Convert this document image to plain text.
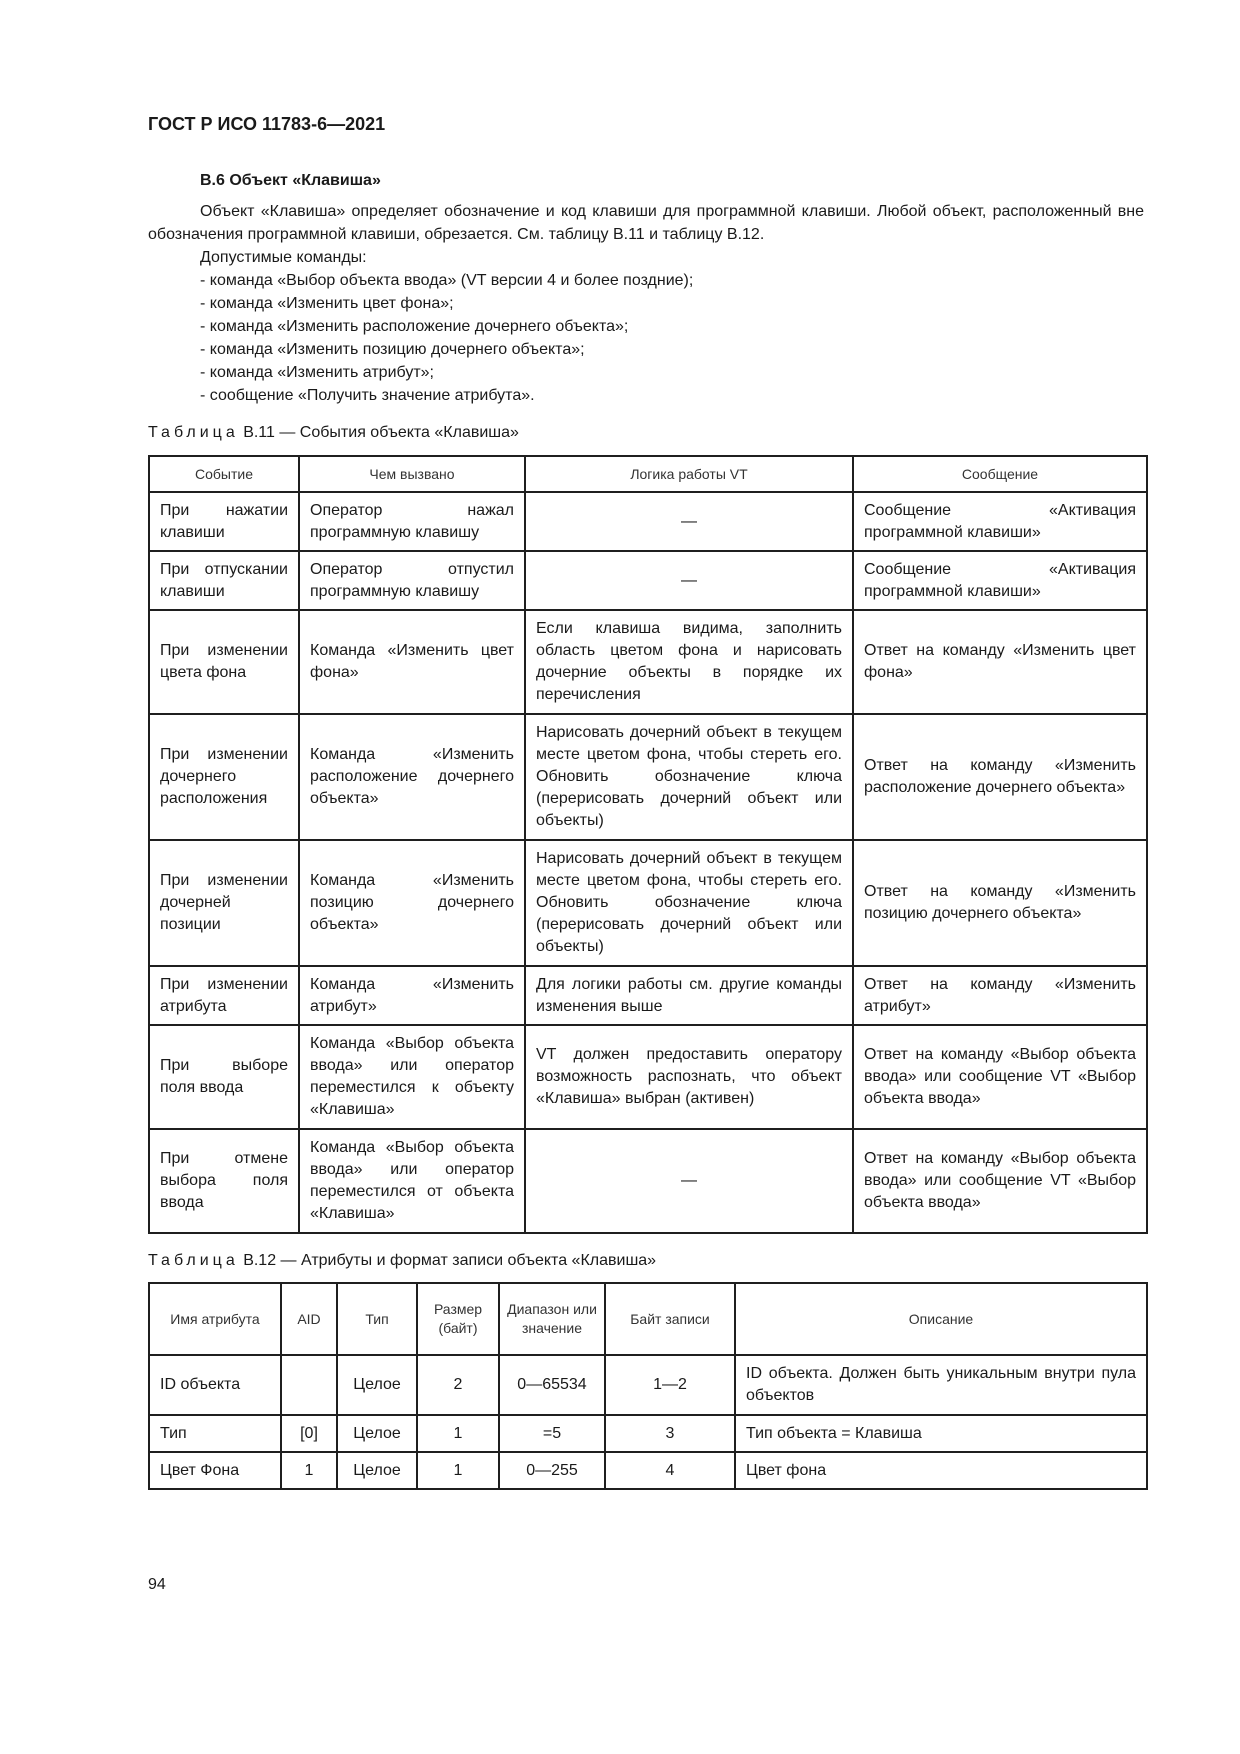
ГОСТ Р ИСО 11783-6—2021
В.6 Объект «Клавиша»

Объект «Клавиша» определяет обозначение и код клавиши для программной клавиши. Любой объект, расположенный вне обозначения программной клавиши, обрезается. См. таблицу В.11 и таблицу В.12.

Допустимые команды:
- команда «Выбор объекта ввода» (VT версии 4 и более поздние);
- команда «Изменить цвет фона»;
- команда «Изменить расположение дочернего объекта»;
- команда «Изменить позицию дочернего объекта»;
- команда «Изменить атрибут»;
- сообщение «Получить значение атрибута».
Таблица В.11 — События объекта «Клавиша»
Событие	Чем вызвано	Логика работы VT	Сообщение
При нажатии клавиши	Оператор нажал программную клавишу	—	Сообщение «Активация программной клавиши»
При отпускании клавиши	Оператор отпустил программную клавишу	—	Сообщение «Активация программной клавиши»
При изменении цвета фона	Команда «Изменить цвет фона»	Если клавиша видима, заполнить область цветом фона и нарисовать дочерние объекты в порядке их перечисления	Ответ на команду «Изменить цвет фона»
При изменении дочернего расположения	Команда «Изменить расположение дочернего объекта»	Нарисовать дочерний объект в текущем месте цветом фона, чтобы стереть его. Обновить обозначение ключа (перерисовать дочерний объект или объекты)	Ответ на команду «Изменить расположение дочернего объекта»
При изменении дочерней позиции	Команда «Изменить позицию дочернего объекта»	Нарисовать дочерний объект в текущем месте цветом фона, чтобы стереть его. Обновить обозначение ключа (перерисовать дочерний объект или объекты)	Ответ на команду «Изменить позицию дочернего объекта»
При изменении атрибута	Команда «Изменить атрибут»	Для логики работы см. другие команды изменения выше	Ответ на команду «Изменить атрибут»
При выборе поля ввода	Команда «Выбор объекта ввода» или оператор переместился к объекту «Клавиша»	VT должен предоставить оператору возможность распознать, что объект «Клавиша» выбран (активен)	Ответ на команду «Выбор объекта ввода» или сообщение VT «Выбор объекта ввода»
При отмене выбора поля ввода	Команда «Выбор объекта ввода» или оператор переместился от объекта «Клавиша»	—	Ответ на команду «Выбор объекта ввода» или сообщение VT «Выбор объекта ввода»
Таблица В.12 — Атрибуты и формат записи объекта «Клавиша»
Имя атрибута	AID	Тип	Размер (байт)	Диапазон или значение	Байт записи	Описание
ID объекта		Целое	2	0—65534	1—2	ID объекта. Должен быть уникальным внутри пула объектов
Тип	[0]	Целое	1	=5	3	Тип объекта = Клавиша
Цвет Фона	1	Целое	1	0—255	4	Цвет фона
94
